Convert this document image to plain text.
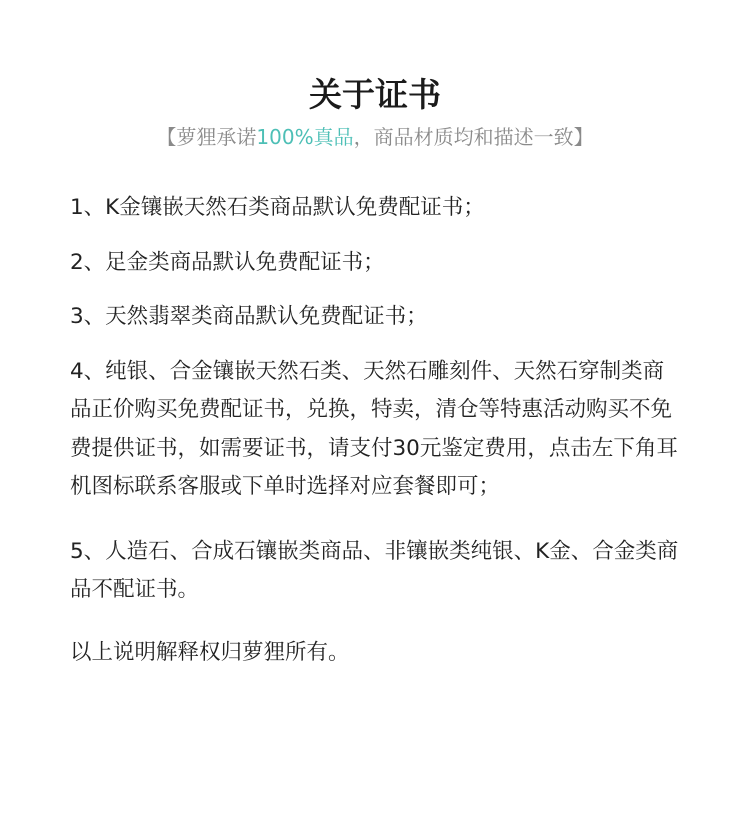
关于证书
【萝狸承诺100%真品，商品材质均和描述一致】

1、K金镶嵌天然石类商品默认免费配证书；

2、足金类商品默认免费配证书；

3、天然翡翠类商品默认免费配证书；

4、纯银、合金镶嵌天然石类、天然石雕刻件、天然石穿制类商品正价购买免费配证书，兑换，特卖，清仓等特惠活动购买不免费提供证书，如需要证书，请支付30元鉴定费用，点击左下角耳机图标联系客服或下单时选择对应套餐即可；

5、人造石、合成石镶嵌类商品、非镶嵌类纯银、K金、合金类商品不配证书。

以上说明解释权归萝狸所有。
